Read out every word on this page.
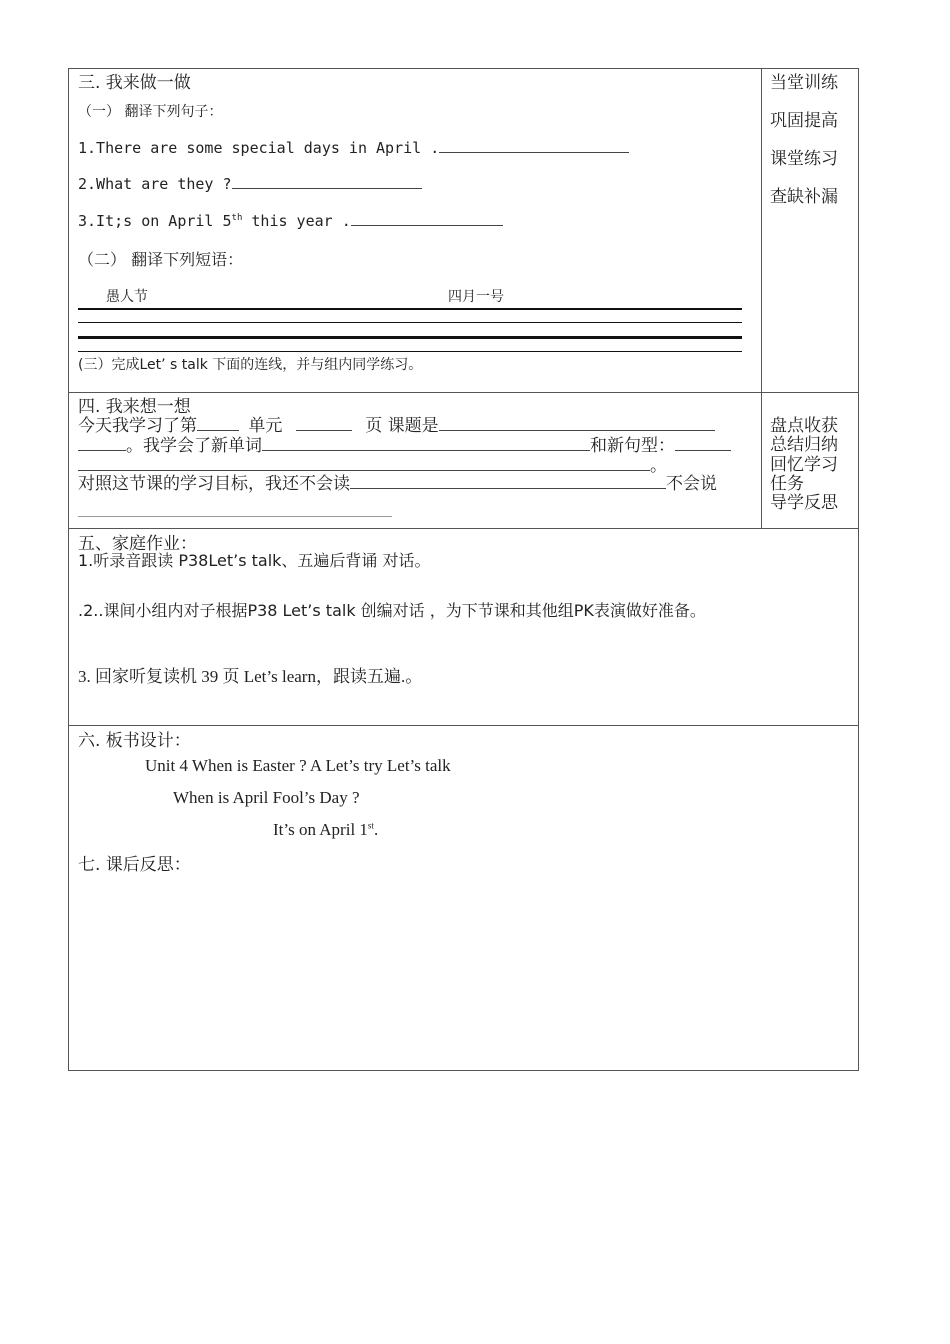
三. 我来做一做
（一） 翻译下列句子：
1.There are some special days in April .
2.What are they ?
3.It;s on April 5th this year .
（二） 翻译下列短语：
愚人节	四月一号
(三）完成Let’ s talk 下面的连线，并与组内同学练习。
当堂训练
巩固提高
课堂练习
查缺补漏
四. 我来想一想
今天我学习了第	单元	页 课题是
。我学会了新单词	和新句型：
。
对照这节课的学习目标，我还不会读	不会说
盘点收获
总结归纳
回忆学习
任务
导学反思
五、家庭作业：
1.听录音跟读 P38Let’s talk、五遍后背诵 对话。
.2..课间小组内对子根据P38 Let’s talk 创编对话 ，为下节课和其他组PK表演做好准备。
3. 回家听复读机 39 页 Let’s learn，跟读五遍.。
六. 板书设计：
Unit 4 When is Easter ? A Let’s try Let’s talk
When is April Fool’s Day ?
It’s on April 1st.
七. 课后反思：
